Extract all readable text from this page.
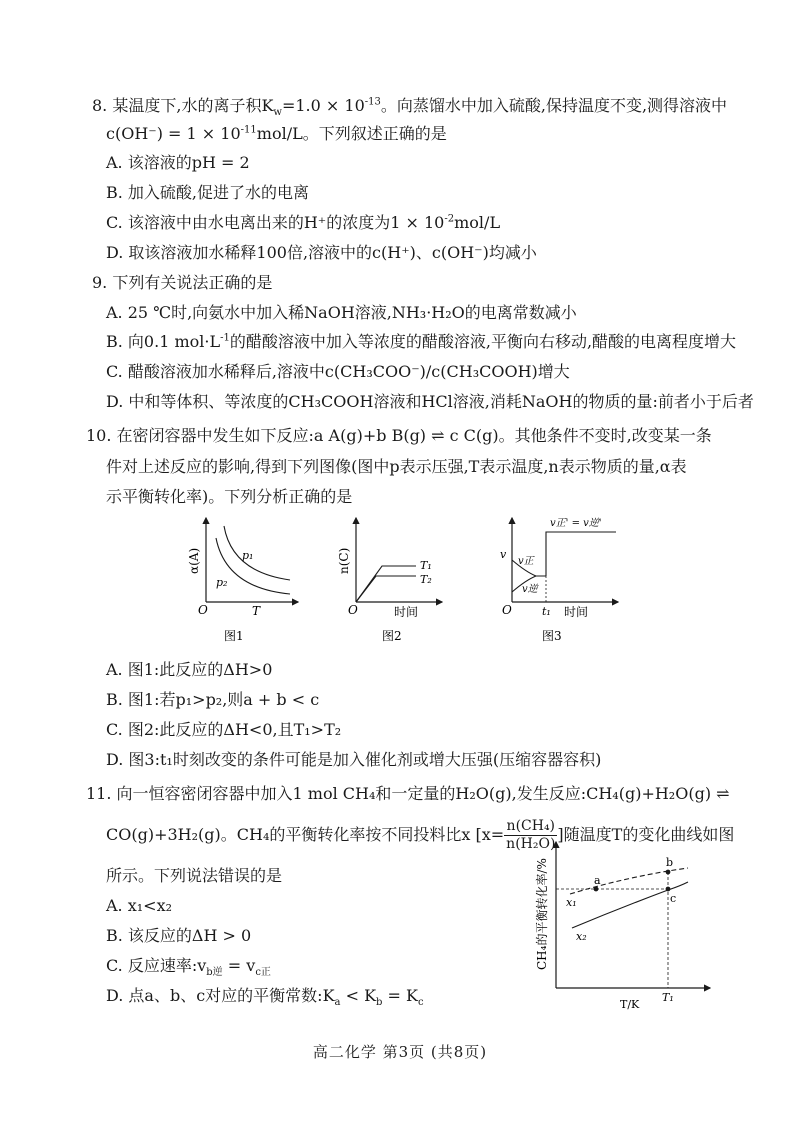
8. 某温度下,水的离子积$K_w=1.0 \times 10^{-13}$。向蒸馏水中加入硫酸,保持温度不变,测得溶液中
$c(OH^-) = 1 \times 10^{-11}mol/L$。下列叙述正确的是
A. 该溶液的pH = 2
B. 加入硫酸,促进了水的电离
C. 该溶液中由水电离出来的H⁺的浓度为$1 \times 10^{-2}mol/L$
D. 取该溶液加水稀释100倍,溶液中的c(H⁺)、c(OH⁻)均减小
9. 下列有关说法正确的是
A. 25 ℃时,向氨水中加入稀NaOH溶液,NH₃·H₂O的电离常数减小
B. 向0.1 $mol\cdot L^{-1}$的醋酸溶液中加入等浓度的醋酸溶液,平衡向右移动,醋酸的电离程度增大
C. 醋酸溶液加水稀释后,溶液中c(CH₃COO⁻)/c(CH₃COOH)增大
D. 中和等体积、等浓度的CH₃COOH溶液和HCl溶液,消耗NaOH的物质的量:前者小于后者
10. 在密闭容器中发生如下反应:a A(g)+b B(g) ⇌ c C(g)。其他条件不变时,改变某一条
件对上述反应的影响,得到下列图像(图中p表示压强,T表示温度,n表示物质的量,α表
示平衡转化率)。下列分析正确的是
α(A)	p₁
p₂
O	T
图1
n(C)	T₁
T₂
O	时间
图2
v
v正
v逆
v正' = v逆'
O	t₁ 时间
图3
A. 图1:此反应的ΔH>0
B. 图1:若p₁>p₂,则a + b < c
C. 图2:此反应的ΔH<0,且T₁>T₂
D. 图3:t₁时刻改变的条件可能是加入催化剂或增大压强(压缩容器容积)
11. 向一恒容密闭容器中加入1 mol CH₄和一定量的H₂O(g),发生反应:CH₄(g)+H₂O(g) ⇌
CO(g)+3H₂(g)。CH₄的平衡转化率按不同投料比x [$x= \frac{\text{n(CH₄)}}{\text{n(H₂O)}}$ ]随温度T的变化曲线如图
所示。下列说法错误的是
A. x₁<x₂
B. 该反应的ΔH > 0
C. 反应速率$:v_{b逆} = v_{c正}$
D. 点a、b、c对应的平衡常数$:K_a < K_b = K_c$
a
b
c
x₁
x₂
CH₄的平衡转化率/%
T₁
T/K
高二化学 第3页 (共8页)
